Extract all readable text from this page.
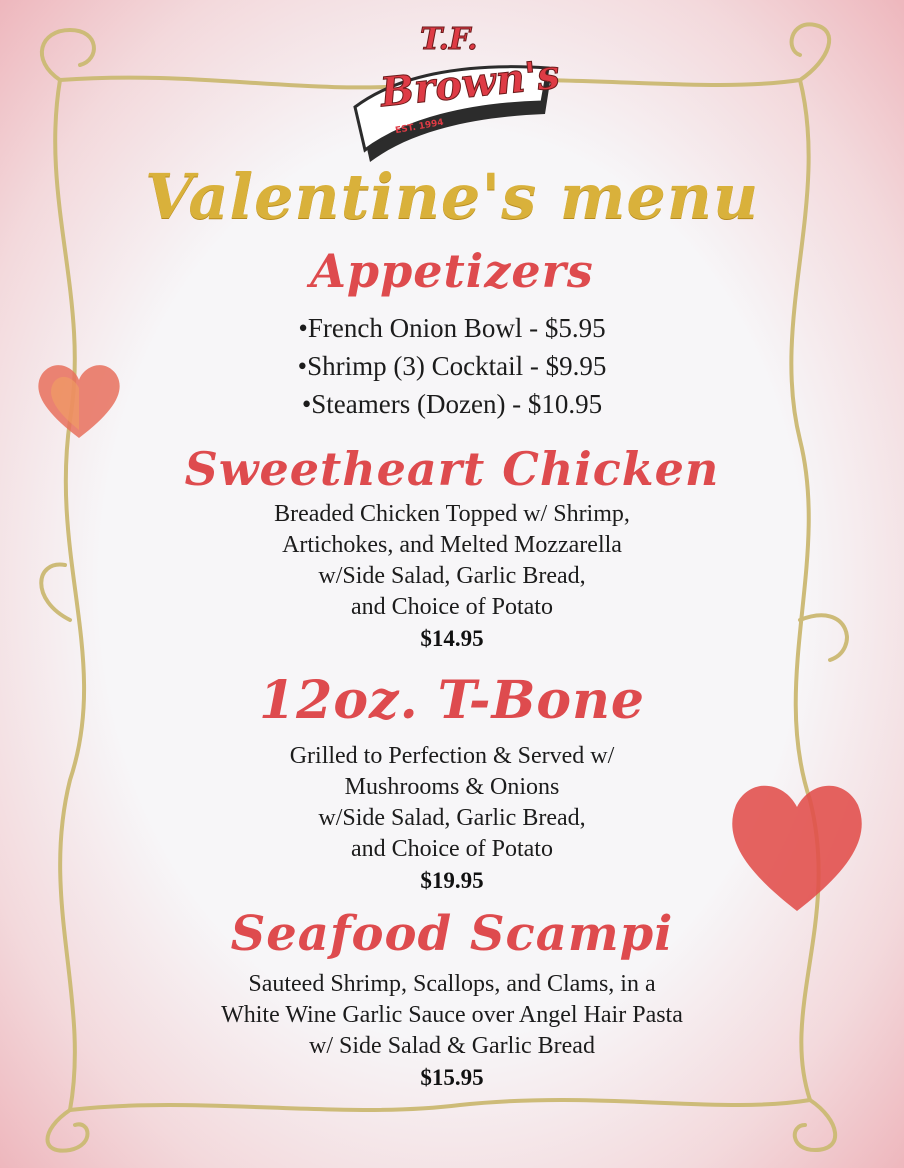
T.F.
Brown's
EST. 1994
Valentine's menu
Appetizers
•French Onion Bowl - $5.95
•Shrimp (3) Cocktail - $9.95
•Steamers (Dozen) - $10.95
Sweetheart Chicken
Breaded Chicken Topped w/ Shrimp,
Artichokes, and Melted Mozzarella
w/Side Salad, Garlic Bread,
and Choice of Potato
$14.95
12oz. T-Bone
Grilled to Perfection & Served w/
Mushrooms & Onions
w/Side Salad, Garlic Bread,
and Choice of Potato
$19.95
Seafood Scampi
Sauteed Shrimp, Scallops, and Clams, in a
White Wine Garlic Sauce over Angel Hair Pasta
w/ Side Salad & Garlic Bread
$15.95
